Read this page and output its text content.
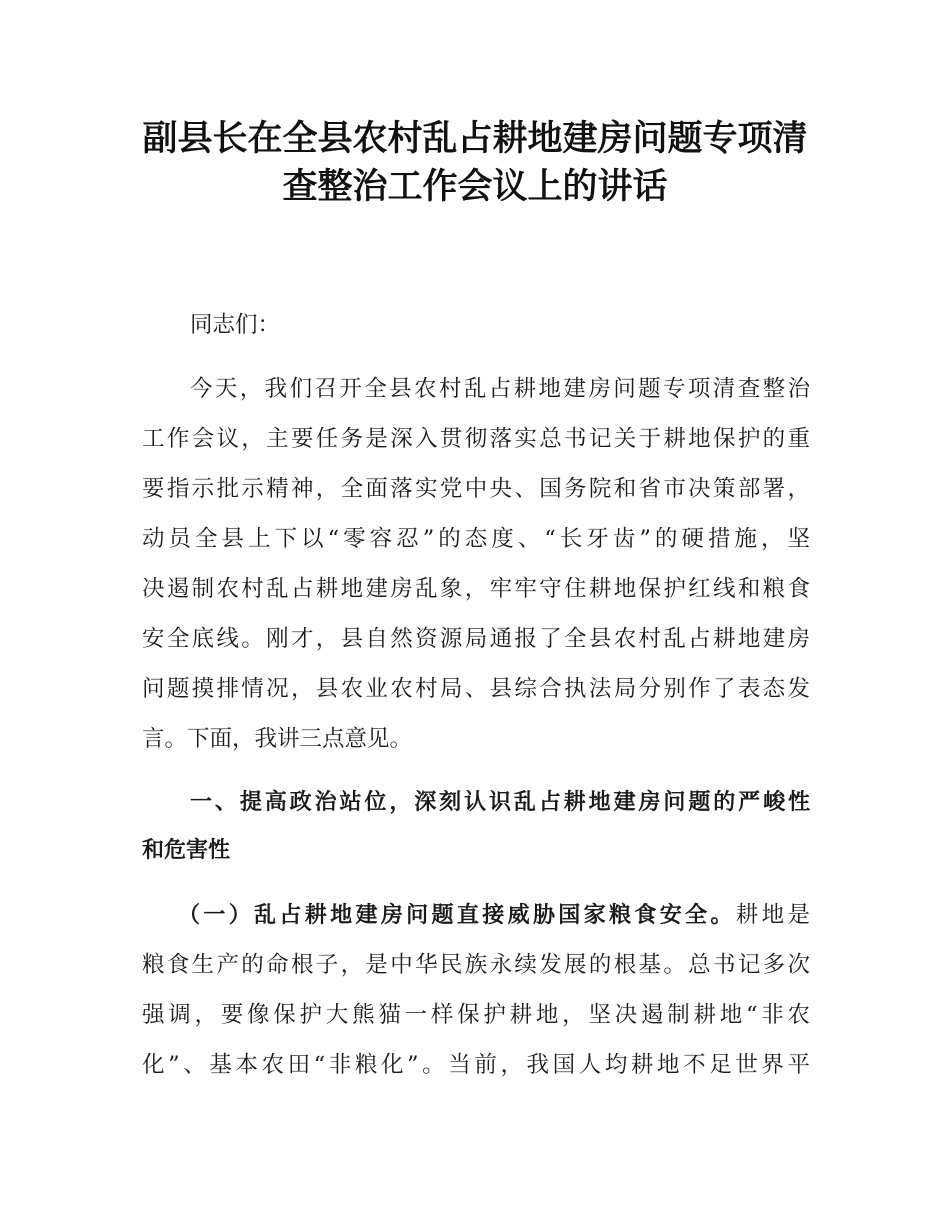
副县长在全县农村乱占耕地建房问题专项清
查整治工作会议上的讲话
同志们：
今天，我们召开全县农村乱占耕地建房问题专项清查整治
工作会议，主要任务是深入贯彻落实总书记关于耕地保护的重
要指示批示精神，全面落实党中央、国务院和省市决策部署，
动员全县上下以“零容忍”的态度、“长牙齿”的硬措施，坚
决遏制农村乱占耕地建房乱象，牢牢守住耕地保护红线和粮食
安全底线。刚才，县自然资源局通报了全县农村乱占耕地建房
问题摸排情况，县农业农村局、县综合执法局分别作了表态发
言。下面，我讲三点意见。
一、提高政治站位，深刻认识乱占耕地建房问题的严峻性
和危害性
（一）乱占耕地建房问题直接威胁国家粮食安全。耕地是
粮食生产的命根子，是中华民族永续发展的根基。总书记多次
强调，要像保护大熊猫一样保护耕地，坚决遏制耕地“非农
化”、基本农田“非粮化”。当前，我国人均耕地不足世界平
